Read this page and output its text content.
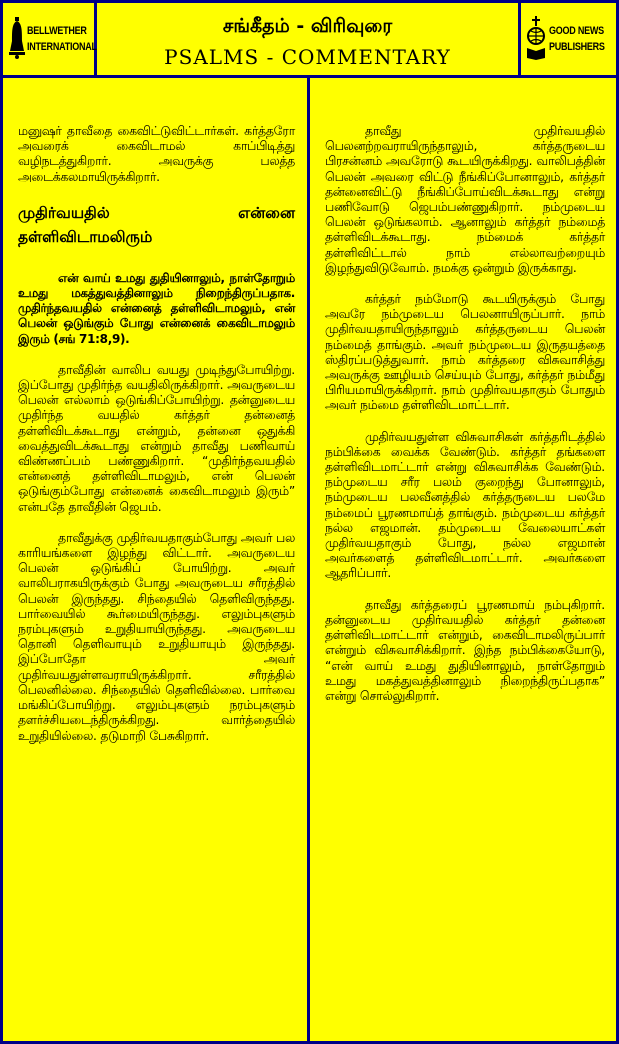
BELLWETHER
INTERNATIONAL
சங்கீதம் - விரிவுரை
PSALMS - COMMENTARY
GOOD NEWS
PUBLISHERS

மனுஷர் தாவீதை கைவிட்டுவிட்டார்கள். கர்த்தரோ அவரைக் கைவிடாமல் காப்பிடித்து வழிநடத்துகிறார். அவருக்கு பலத்த அடைக்கலமாயிருக்கிறார்.

முதிர்வயதில் என்னை தள்ளிவிடாமலிரும்

என் வாய் உமது துதியினாலும், நாள்தோறும் உமது மகத்துவத்தினாலும் நிறைந்திருப்பதாக. முதிர்ந்தவயதில் என்னைத் தள்ளிவிடாமலும், என் பெலன் ஒடுங்கும் போது என்னைக் கைவிடாமலும் இரும் (சங் 71:8,9).

தாவீதின் வாலிப வயது முடிந்துபோயிற்று. இப்போது முதிர்ந்த வயதிலிருக்கிறார். அவருடைய பெலன் எல்லாம் ஒடுங்கிப்போயிற்று. தன்னுடைய முதிர்ந்த வயதில் கர்த்தர் தன்னைத் தள்ளிவிடக்கூடாது என்றும், தன்னை ஒதுக்கி வைத்துவிடக்கூடாது என்றும் தாவீது பணிவாய் விண்ணப்பம் பண்ணுகிறார். “முதிர்ந்தவயதில் என்னைத் தள்ளிவிடாமலும், என் பெலன் ஒடுங்கும்போது என்னைக் கைவிடாமலும் இரும்” என்பதே தாவீதின் ஜெபம்.

தாவீதுக்கு முதிர்வயதாகும்போது அவர் பல காரியங்களை இழந்து விட்டார். அவருடைய பெலன் ஒடுங்கிப் போயிற்று. அவர் வாலிபராகயிருக்கும் போது அவருடைய சரீரத்தில் பெலன் இருந்தது. சிந்தையில் தெளிவிருந்தது. பார்வையில் கூர்மையிருந்தது. எலும்புகளும் நரம்புகளும் உறுதியாயிருந்தது. அவருடைய தொனி தெளிவாயும் உறுதியாயும் இருந்தது. இப்போதோ அவர் முதிர்வயதுள்ளவராயிருக்கிறார். சரீரத்தில் பெலனில்லை. சிந்தையில் தெளிவில்லை. பார்வை மங்கிப்போயிற்று. எலும்புகளும் நரம்புகளும் தளர்ச்சியடைந்திருக்கிறது. வார்த்தையில் உறுதியில்லை. தடுமாறி பேசுகிறார்.

தாவீது முதிர்வயதில் பெலனற்றவராயிருந்தாலும், கர்த்தருடைய பிரசன்னம் அவரோடு கூடயிருக்கிறது. வாலிபத்தின் பெலன் அவரை விட்டு நீங்கிப்போனாலும், கர்த்தர் தன்னைவிட்டு நீங்கிப்போய்விடக்கூடாது என்று பணிவோடு ஜெபம்பண்ணுகிறார். நம்முடைய பெலன் ஒடுங்கலாம். ஆனாலும் கர்த்தர் நம்மைத் தள்ளிவிடக்கூடாது. நம்மைக் கர்த்தர் தள்ளிவிட்டால் நாம் எல்லாவற்றையும் இழந்துவிடுவோம். நமக்கு ஒன்றும் இருக்காது.

கர்த்தர் நம்மோடு கூடயிருக்கும் போது அவரே நம்முடைய பெலனாயிருப்பார். நாம் முதிர்வயதாயிருந்தாலும் கர்த்தருடைய பெலன் நம்மைத் தாங்கும். அவர் நம்முடைய இருதயத்தை ஸ்திரப்படுத்துவார். நாம் கர்த்தரை விசுவாசித்து அவருக்கு ஊழியம் செய்யும் போது, கர்த்தர் நம்மீது பிரியமாயிருக்கிறார். நாம் முதிர்வயதாகும் போதும் அவர் நம்மை தள்ளிவிடமாட்டார்.

முதிர்வயதுள்ள விசுவாசிகள் கர்த்தரிடத்தில் நம்பிக்கை வைக்க வேண்டும். கர்த்தர் தங்களை தள்ளிவிடமாட்டார் என்று விசுவாசிக்க வேண்டும். நம்முடைய சரீர பலம் குறைந்து போனாலும், நம்முடைய பலவீனத்தில் கர்த்தருடைய பலமே நம்மைப் பூரணமாய்த் தாங்கும். நம்முடைய கர்த்தர் நல்ல எஜமான். தம்முடைய வேலையாட்கள் முதிர்வயதாகும் போது, நல்ல எஜமான் அவர்களைத் தள்ளிவிடமாட்டார். அவர்களை ஆதரிப்பார்.

தாவீது கர்த்தரைப் பூரணமாய் நம்புகிறார். தன்னுடைய முதிர்வயதில் கர்த்தர் தன்னை தள்ளிவிடமாட்டார் என்றும், கைவிடாமலிருப்பார் என்றும் விசுவாசிக்கிறார். இந்த நம்பிக்கையோடு, “என் வாய் உமது துதியினாலும், நாள்தோறும் உமது மகத்துவத்தினாலும் நிறைந்திருப்பதாக” என்று சொல்லுகிறார்.
